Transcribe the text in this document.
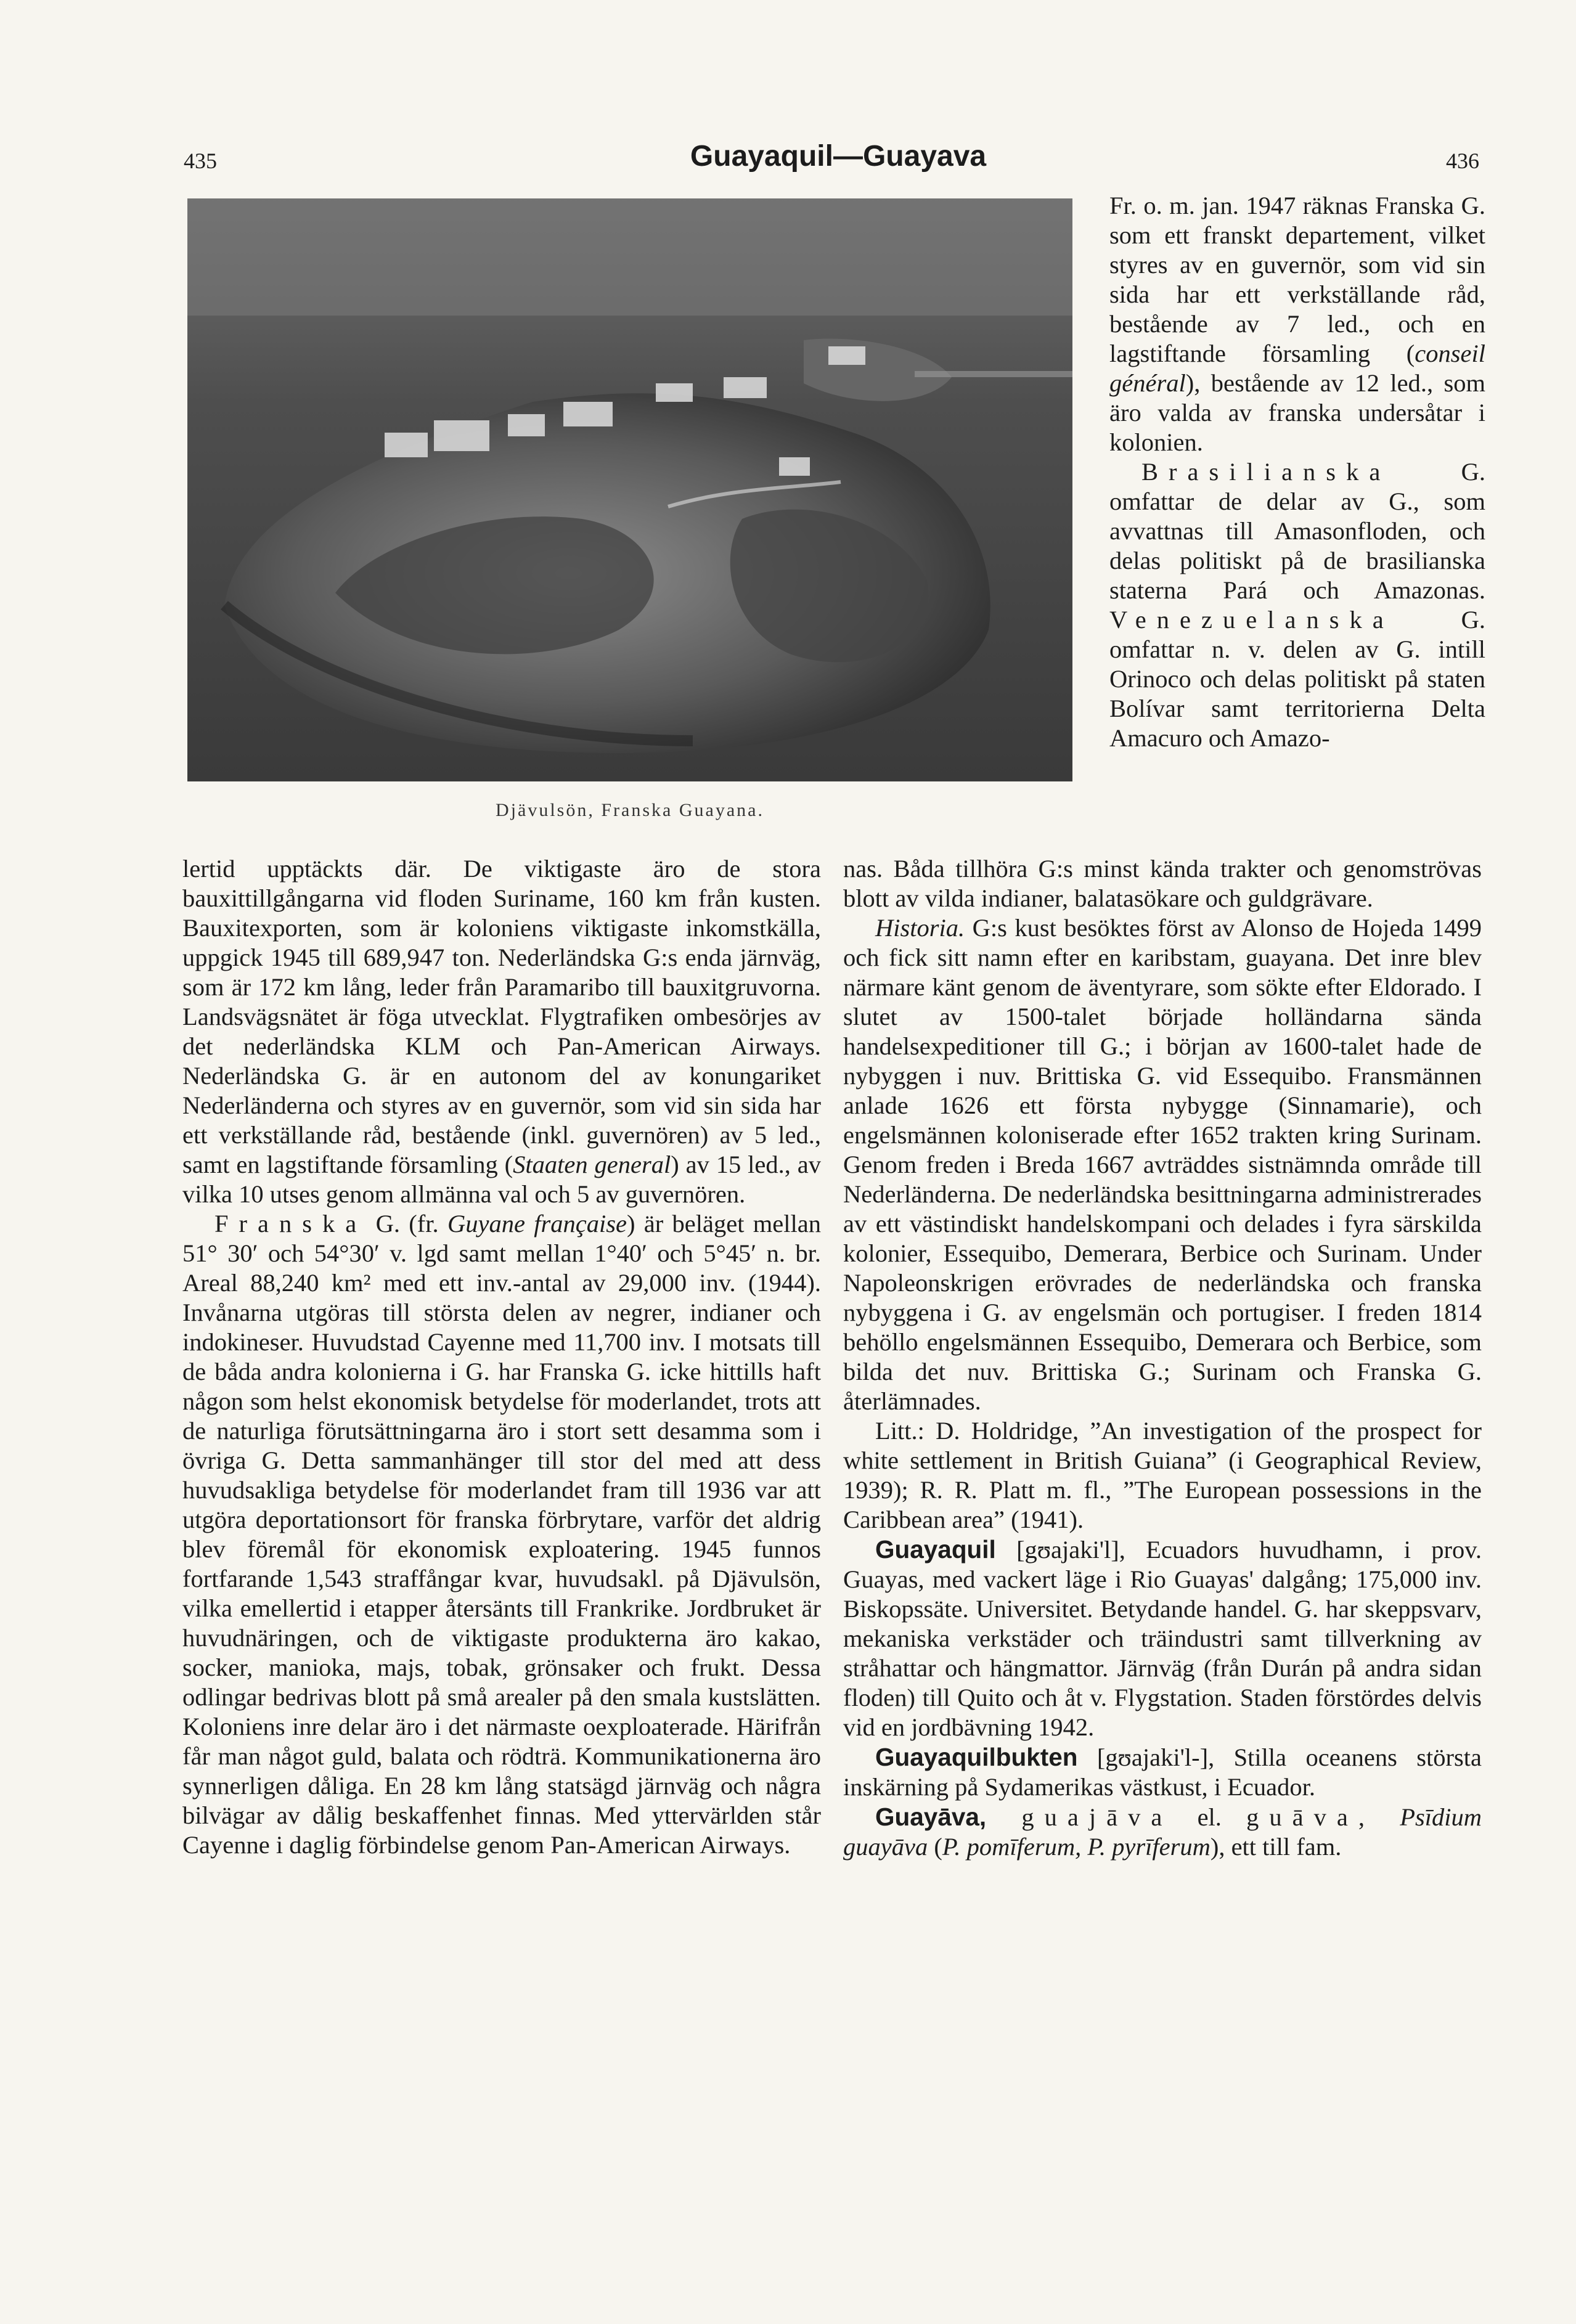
435	Guayaquil—Guayava	436
Djävulsön, Franska Guayana.

Fr. o. m. jan. 1947 räknas Franska G. som ett franskt departement, vilket styres av en guvernör, som vid sin sida har ett verkställande råd, bestående av 7 led., och en lagstiftande församling (conseil général), bestående av 12 led., som äro valda av franska undersåtar i kolonien.

Brasilianska G. omfattar de delar av G., som avvattnas till Amasonfloden, och delas politiskt på de brasilianska staterna Pará och Amazonas. Venezuelanska G. omfattar n. v. delen av G. intill Orinoco och delas politiskt på staten Bolívar samt territorierna Delta Amacuro och Amazo-

lertid upptäckts där. De viktigaste äro de stora bauxittillgångarna vid floden Suriname, 160 km från kusten. Bauxitexporten, som är koloniens viktigaste inkomstkälla, uppgick 1945 till 689,947 ton. Nederländska G:s enda järnväg, som är 172 km lång, leder från Paramaribo till bauxitgruvorna. Landsvägsnätet är föga utvecklat. Flygtrafiken ombesörjes av det nederländska KLM och Pan-American Airways. Nederländska G. är en autonom del av konungariket Nederländerna och styres av en guvernör, som vid sin sida har ett verkställande råd, bestående (inkl. guvernören) av 5 led., samt en lagstiftande församling (Staaten general) av 15 led., av vilka 10 utses genom allmänna val och 5 av guvernören.

Franska G. (fr. Guyane française) är beläget mellan 51° 30′ och 54°30′ v. lgd samt mellan 1°40′ och 5°45′ n. br. Areal 88,240 km² med ett inv.-antal av 29,000 inv. (1944). Invånarna utgöras till största delen av negrer, indianer och indokineser. Huvudstad Cayenne med 11,700 inv. I motsats till de båda andra kolonierna i G. har Franska G. icke hittills haft någon som helst ekonomisk betydelse för moderlandet, trots att de naturliga förutsättningarna äro i stort sett desamma som i övriga G. Detta sammanhänger till stor del med att dess huvudsakliga betydelse för moderlandet fram till 1936 var att utgöra deportationsort för franska förbrytare, varför det aldrig blev föremål för ekonomisk exploatering. 1945 funnos fortfarande 1,543 straffångar kvar, huvudsakl. på Djävulsön, vilka emellertid i etapper återsänts till Frankrike. Jordbruket är huvudnäringen, och de viktigaste produkterna äro kakao, socker, manioka, majs, tobak, grönsaker och frukt. Dessa odlingar bedrivas blott på små arealer på den smala kustslätten. Koloniens inre delar äro i det närmaste oexploaterade. Härifrån får man något guld, balata och rödträ. Kommunikationerna äro synnerligen dåliga. En 28 km lång statsägd järnväg och några bilvägar av dålig beskaffenhet finnas. Med yttervärlden står Cayenne i daglig förbindelse genom Pan-American Airways.

nas. Båda tillhöra G:s minst kända trakter och genomströvas blott av vilda indianer, balatasökare och guldgrävare.

Historia. G:s kust besöktes först av Alonso de Hojeda 1499 och fick sitt namn efter en karibstam, guayana. Det inre blev närmare känt genom de äventyrare, som sökte efter Eldorado. I slutet av 1500-talet började holländarna sända handelsexpeditioner till G.; i början av 1600-talet hade de nybyggen i nuv. Brittiska G. vid Essequibo. Fransmännen anlade 1626 ett första nybygge (Sinnamarie), och engelsmännen koloniserade efter 1652 trakten kring Surinam. Genom freden i Breda 1667 avträddes sistnämnda område till Nederländerna. De nederländska besittningarna administrerades av ett västindiskt handelskompani och delades i fyra särskilda kolonier, Essequibo, Demerara, Berbice och Surinam. Under Napoleonskrigen erövrades de nederländska och franska nybyggena i G. av engelsmän och portugiser. I freden 1814 behöllo engelsmännen Essequibo, Demerara och Berbice, som bilda det nuv. Brittiska G.; Surinam och Franska G. återlämnades.

Litt.: D. Holdridge, ”An investigation of the prospect for white settlement in British Guiana” (i Geographical Review, 1939); R. R. Platt m. fl., ”The European possessions in the Caribbean area” (1941).

Guayaquil [gʊajaki'l], Ecuadors huvudhamn, i prov. Guayas, med vackert läge i Rio Guayas' dalgång; 175,000 inv. Biskopssäte. Universitet. Betydande handel. G. har skeppsvarv, mekaniska verkstäder och träindustri samt tillverkning av stråhattar och hängmattor. Järnväg (från Durán på andra sidan floden) till Quito och åt v. Flygstation. Staden förstördes delvis vid en jordbävning 1942.

Guayaquilbukten [gʊajaki'l-], Stilla oceanens största inskärning på Sydamerikas västkust, i Ecuador.

Guayāva, guajāva el. guāva, Psīdium guayāva (P. pomīferum, P. pyrīferum), ett till fam.
